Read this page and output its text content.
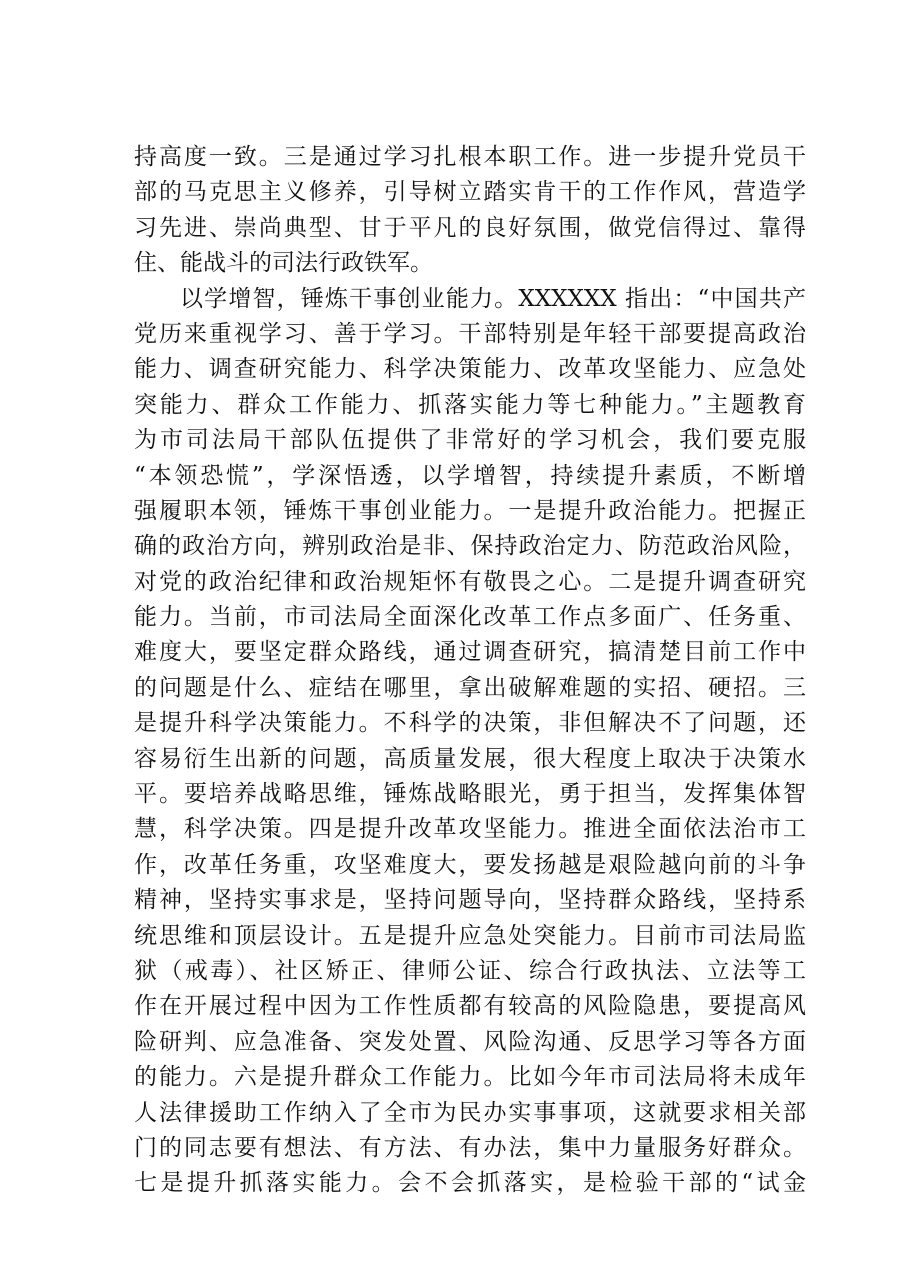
持高度一致。三是通过学习扎根本职工作。进一步提升党员干
部的马克思主义修养，引导树立踏实肯干的工作作风，营造学
习先进、崇尚典型、甘于平凡的良好氛围，做党信得过、靠得
住、能战斗的司法行政铁军。
以学增智，锤炼干事创业能力。XXXXXX 指出：“中国共产
党历来重视学习、善于学习。干部特别是年轻干部要提高政治
能力、调查研究能力、科学决策能力、改革攻坚能力、应急处
突能力、群众工作能力、抓落实能力等七种能力。”主题教育
为市司法局干部队伍提供了非常好的学习机会，我们要克服
“本领恐慌”，学深悟透，以学增智，持续提升素质，不断增
强履职本领，锤炼干事创业能力。一是提升政治能力。把握正
确的政治方向，辨别政治是非、保持政治定力、防范政治风险，
对党的政治纪律和政治规矩怀有敬畏之心。二是提升调查研究
能力。当前，市司法局全面深化改革工作点多面广、任务重、
难度大，要坚定群众路线，通过调查研究，搞清楚目前工作中
的问题是什么、症结在哪里，拿出破解难题的实招、硬招。三
是提升科学决策能力。不科学的决策，非但解决不了问题，还
容易衍生出新的问题，高质量发展，很大程度上取决于决策水
平。要培养战略思维，锤炼战略眼光，勇于担当，发挥集体智
慧，科学决策。四是提升改革攻坚能力。推进全面依法治市工
作，改革任务重，攻坚难度大，要发扬越是艰险越向前的斗争
精神，坚持实事求是，坚持问题导向，坚持群众路线，坚持系
统思维和顶层设计。五是提升应急处突能力。目前市司法局监
狱（戒毒）、社区矫正、律师公证、综合行政执法、立法等工
作在开展过程中因为工作性质都有较高的风险隐患，要提高风
险研判、应急准备、突发处置、风险沟通、反思学习等各方面
的能力。六是提升群众工作能力。比如今年市司法局将未成年
人法律援助工作纳入了全市为民办实事事项，这就要求相关部
门的同志要有想法、有方法、有办法，集中力量服务好群众。
七是提升抓落实能力。会不会抓落实，是检验干部的“试金
